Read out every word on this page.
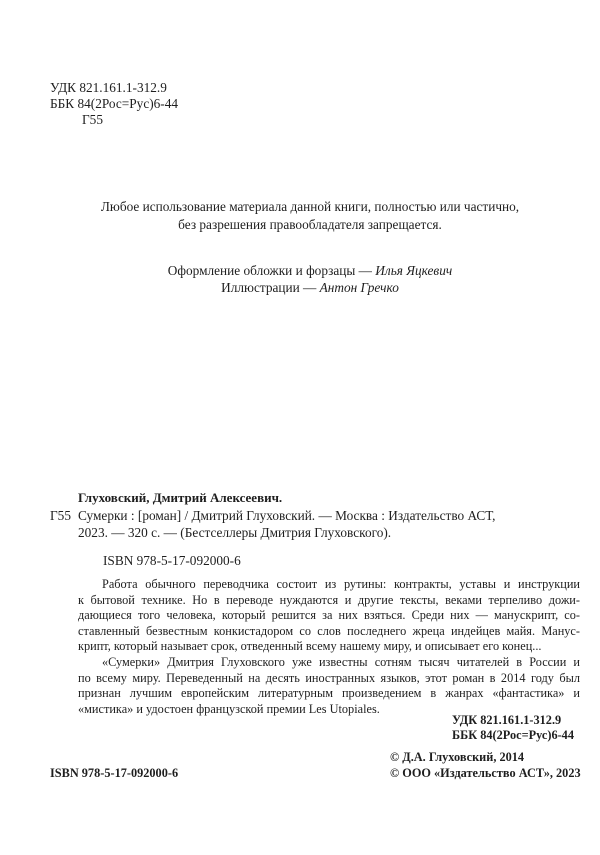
УДК 821.161.1-312.9
ББК 84(2Рос=Рус)6-44
Г55
Любое использование материала данной книги, полностью или частично,
без разрешения правообладателя запрещается.
Оформление обложки и форзацы — Илья Яцкевич
Иллюстрации — Антон Гречко
Глуховский, Дмитрий Алексеевич.
Г55 Сумерки : [роман] / Дмитрий Глуховский. — Москва : Издательство АСТ,
2023. — 320 с. — (Бестселлеры Дмитрия Глуховского).
ISBN 978-5-17-092000-6
Работа обычного переводчика состоит из рутины: контракты, уставы и инструкции
к бытовой технике. Но в переводе нуждаются и другие тексты, веками терпеливо дожи-
дающиеся того человека, который решится за них взяться. Среди них — манускрипт, со-
ставленный безвестным конкистадором со слов последнего жреца индейцев майя. Манус-
крипт, который называет срок, отведенный всему нашему миру, и описывает его конец...
«Сумерки» Дмитрия Глуховского уже известны сотням тысяч читателей в России и
по всему миру. Переведенный на десять иностранных языков, этот роман в 2014 году был
признан лучшим европейским литературным произведением в жанрах «фантастика» и
«мистика» и удостоен французской премии Les Utopiales.
УДК 821.161.1-312.9
ББК 84(2Рос=Рус)6-44
ISBN 978-5-17-092000-6
© Д.А. Глуховский, 2014
© ООО «Издательство АСТ», 2023
